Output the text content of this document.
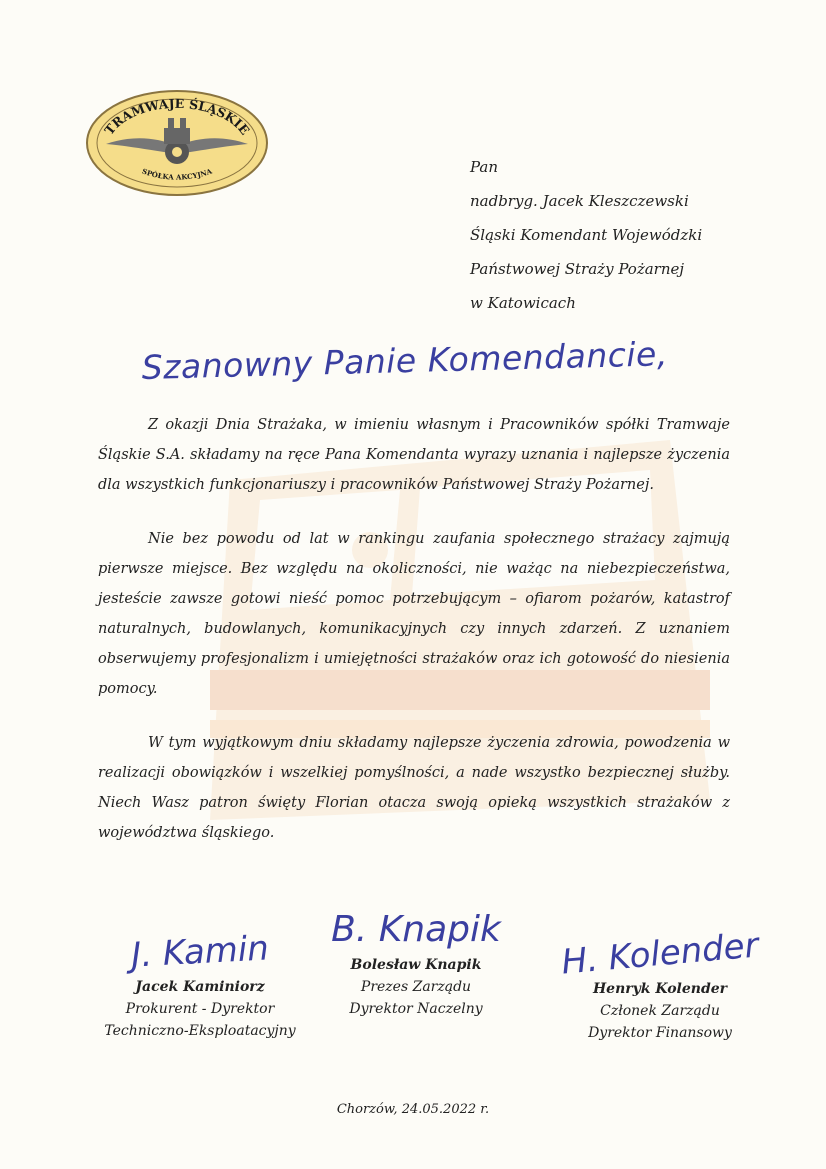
TRAMWAJE ŚLĄSKIE
SPÓŁKA AKCYJNA	Pan
nadbryg. Jacek Kleszczewski
Śląski Komendant Wojewódzki
Państwowej Straży Pożarnej
w Katowicach
Szanowny Panie Komendancie,

Z okazji Dnia Strażaka, w imieniu własnym i Pracowników spółki Tramwaje Śląskie S.A. składamy na ręce Pana Komendanta wyrazy uznania i najlepsze życzenia dla wszystkich funkcjonariuszy i pracowników Państwowej Straży Pożarnej.

Nie bez powodu od lat w rankingu zaufania społecznego strażacy zajmują pierwsze miejsce. Bez względu na okoliczności, nie ważąc na niebezpieczeństwa, jesteście zawsze gotowi nieść pomoc potrzebującym – ofiarom pożarów, katastrof naturalnych, budowlanych, komunikacyjnych czy innych zdarzeń. Z uznaniem obserwujemy profesjonalizm i umiejętności strażaków oraz ich gotowość do niesienia pomocy.

W tym wyjątkowym dniu składamy najlepsze życzenia zdrowia, powodzenia w realizacji obowiązków i wszelkiej pomyślności, a nade wszystko bezpiecznej służby. Niech Wasz patron święty Florian otacza swoją opieką wszystkich strażaków z województwa śląskiego.

J. Kamin
Jacek Kaminiorz
Prokurent - Dyrektor
Techniczno-Eksploatacyjny
B. Knapik
Bolesław Knapik
Prezes Zarządu
Dyrektor Naczelny
H. Kolender
Henryk Kolender
Członek Zarządu
Dyrektor Finansowy
Chorzów, 24.05.2022 r.
